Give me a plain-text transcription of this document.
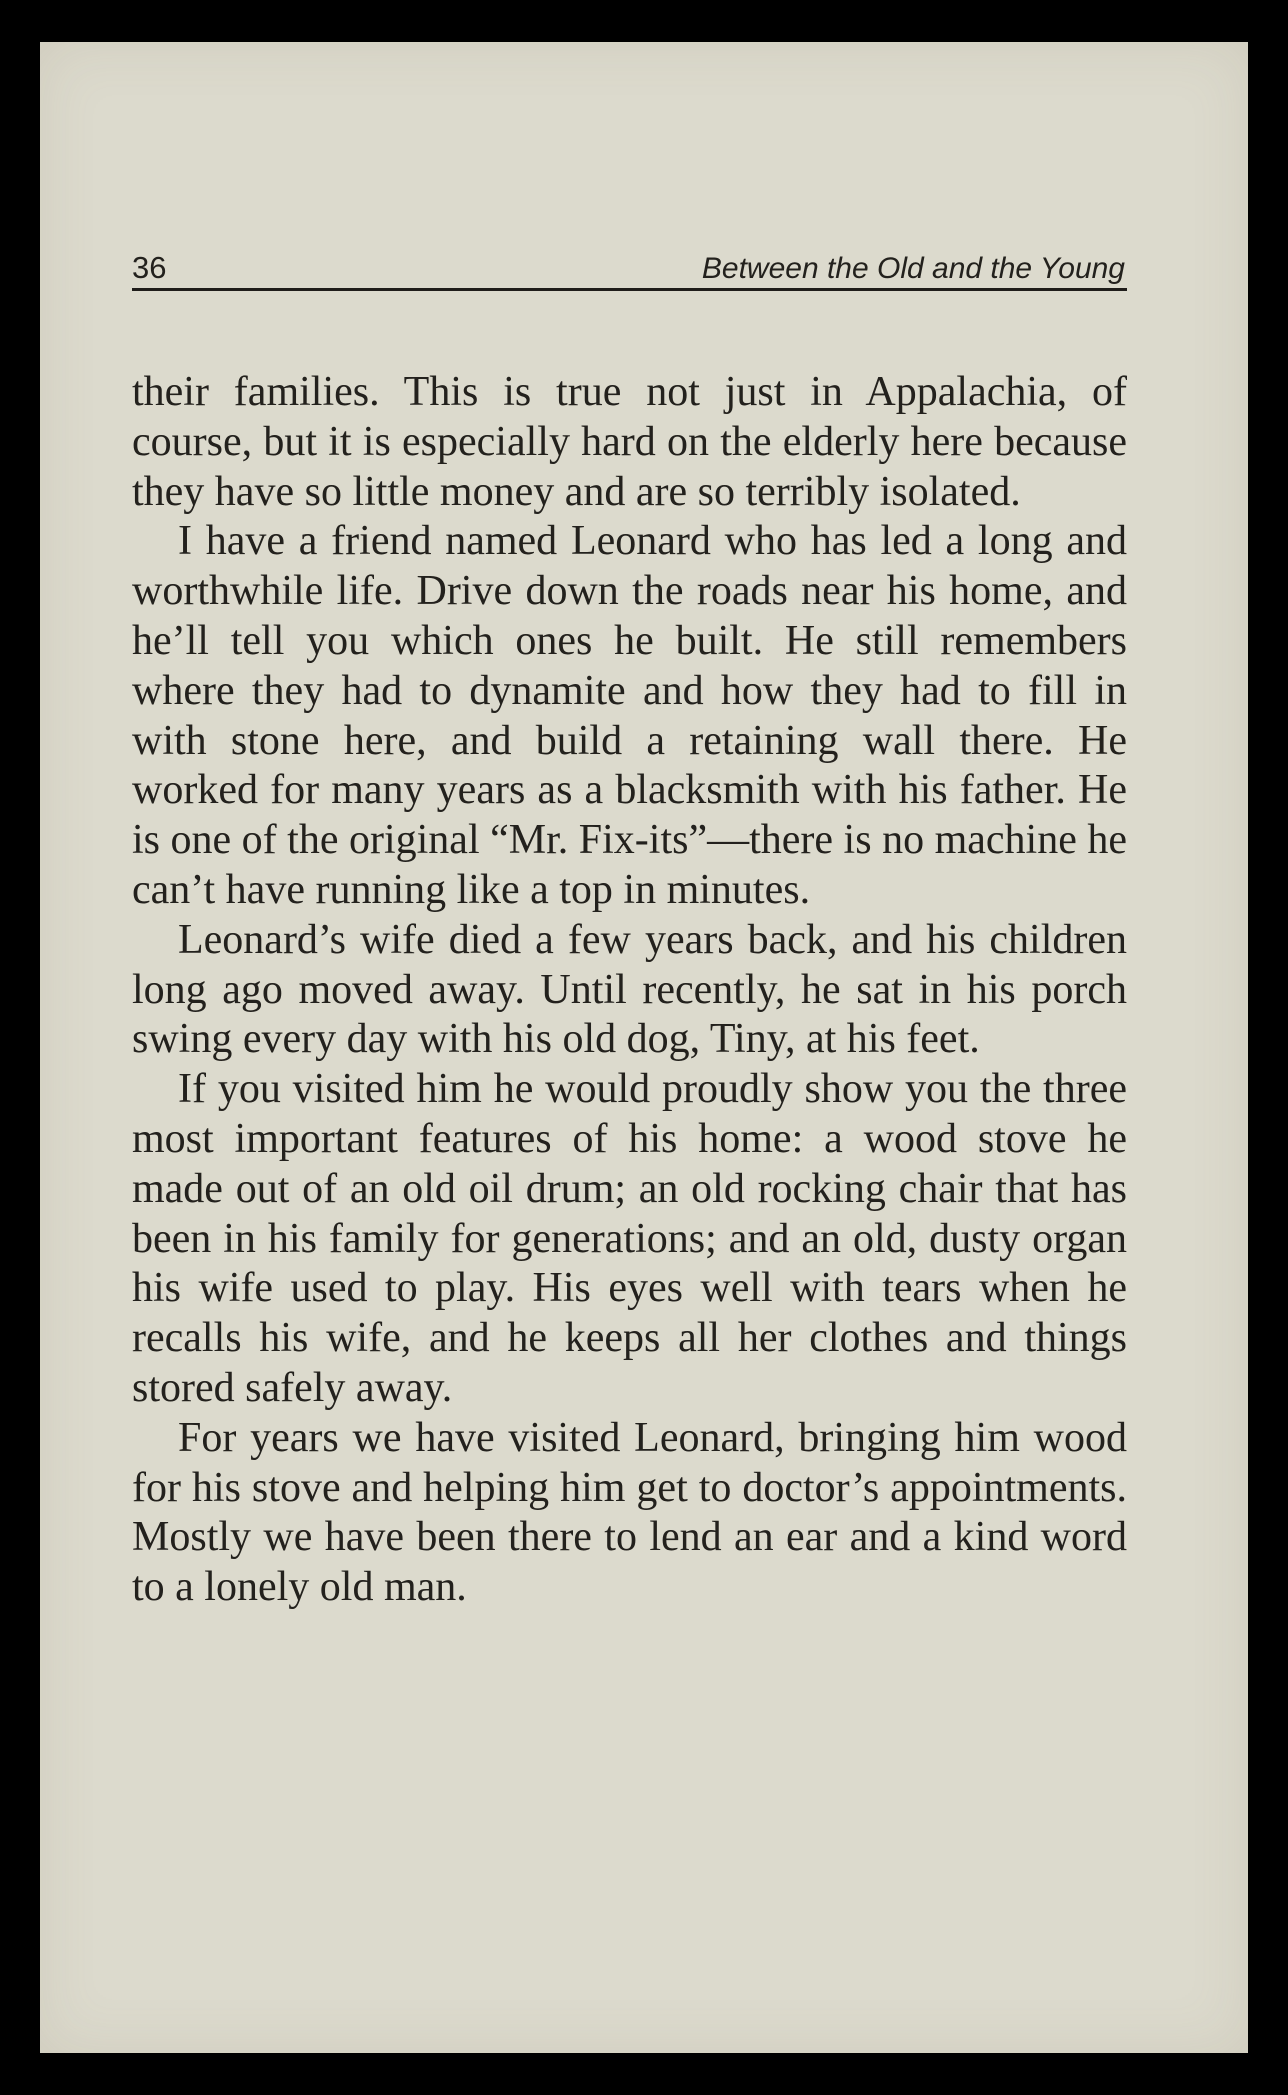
36	Between the Old and the Young

their families. This is true not just in Appalachia, of course, but it is especially hard on the elderly here because they have so little money and are so terribly isolated.

I have a friend named Leonard who has led a long and worthwhile life. Drive down the roads near his home, and he’ll tell you which ones he built. He still remembers where they had to dynamite and how they had to fill in with stone here, and build a retaining wall there. He worked for many years as a blacksmith with his father. He is one of the original “Mr. Fix-its”—there is no machine he can’t have running like a top in minutes.

Leonard’s wife died a few years back, and his children long ago moved away. Until recently, he sat in his porch swing every day with his old dog, Tiny, at his feet.

If you visited him he would proudly show you the three most important features of his home: a wood stove he made out of an old oil drum; an old rocking chair that has been in his family for generations; and an old, dusty organ his wife used to play. His eyes well with tears when he recalls his wife, and he keeps all her clothes and things stored safely away.

For years we have visited Leonard, bringing him wood for his stove and helping him get to doctor’s appointments. Mostly we have been there to lend an ear and a kind word to a lonely old man.
